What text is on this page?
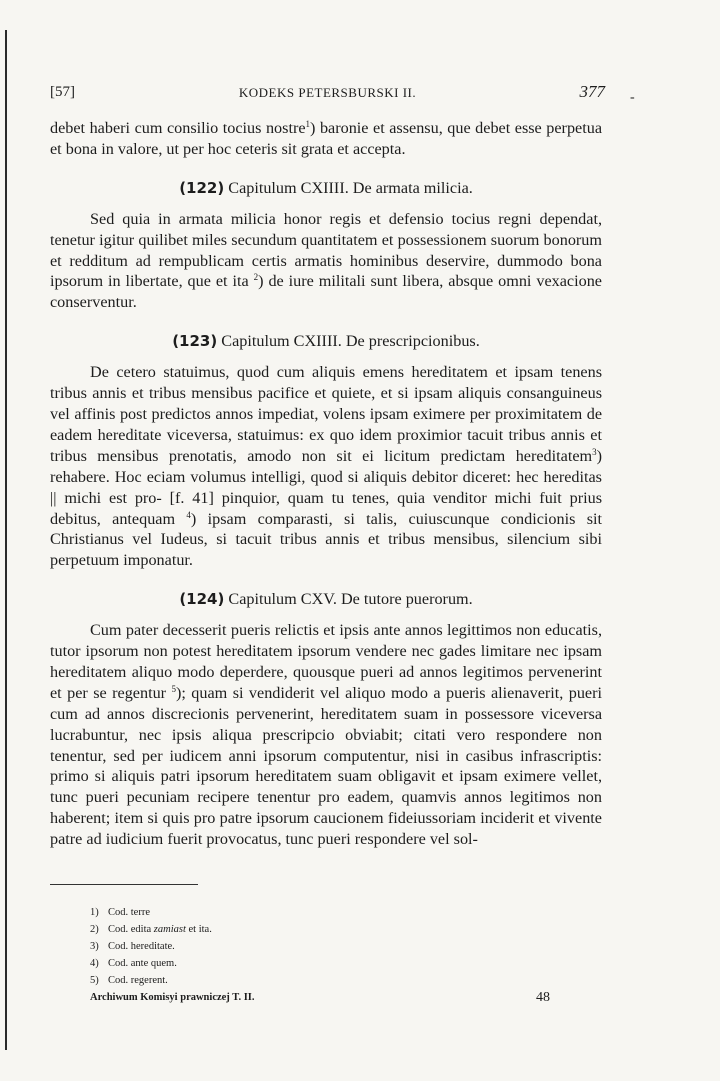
[57]	KODEKS PETERSBURSKI II.	377 -

debet haberi cum consilio tocius nostre$^1$) baronie et assensu, que debet esse perpetua et bona in valore, ut per hoc ceteris sit grata et accepta.

(122) Capitulum CXIIII. De armata milicia.

Sed quia in armata milicia honor regis et defensio tocius regni dependat, tenetur igitur quilibet miles secundum quantitatem et possessionem suorum bonorum et redditum ad rempublicam certis armatis hominibus deservire, dummodo bona ipsorum in libertate, que et ita $^2$) de iure militali sunt libera, absque omni vexacione conserventur.

(123) Capitulum CXIIII. De prescripcionibus.

De cetero statuimus, quod cum aliquis emens hereditatem et ipsam tenens tribus annis et tribus mensibus pacifice et quiete, et si ipsam aliquis consanguineus vel affinis post predictos annos impediat, volens ipsam eximere per proximitatem de eadem hereditate viceversa, statuimus: ex quo idem proximior tacuit tribus annis et tribus mensibus prenotatis, amodo non sit ei licitum predictam hereditatem$^3$) rehabere. Hoc eciam volumus intelligi, quod si aliquis debitor diceret: hec hereditas || michi est pro- [f. 41] pinquior, quam tu tenes, quia venditor michi fuit prius debitus, antequam $^4$) ipsam comparasti, si talis, cuiuscunque condicionis sit Christianus vel Iudeus, si tacuit tribus annis et tribus mensibus, silencium sibi perpetuum imponatur.

(124) Capitulum CXV. De tutore puerorum.

Cum pater decesserit pueris relictis et ipsis ante annos legittimos non educatis, tutor ipsorum non potest hereditatem ipsorum vendere nec gades limitare nec ipsam hereditatem aliquo modo deperdere, quousque pueri ad annos legitimos pervenerint et per se regentur $^5$); quam si vendiderit vel aliquo modo a pueris alienaverit, pueri cum ad annos discrecionis pervenerint, hereditatem suam in possessore viceversa lucrabuntur, nec ipsis aliqua prescripcio obviabit; citati vero respondere non tenentur, sed per iudicem anni ipsorum computentur, nisi in casibus infrascriptis: primo si aliquis patri ipsorum hereditatem suam obligavit et ipsam eximere vellet, tunc pueri pecuniam recipere tenentur pro eadem, quamvis annos legitimos non haberent; item si quis pro patre ipsorum caucionem fideiussoriam inciderit et vivente patre ad iudicium fuerit provocatus, tunc pueri respondere vel sol-

1) Cod. terre
2) Cod. edita zamiast et ita.
3) Cod. hereditate.
4) Cod. ante quem.
5) Cod. regerent.
Archiwum Komisyi prawniczej T. II.	48
